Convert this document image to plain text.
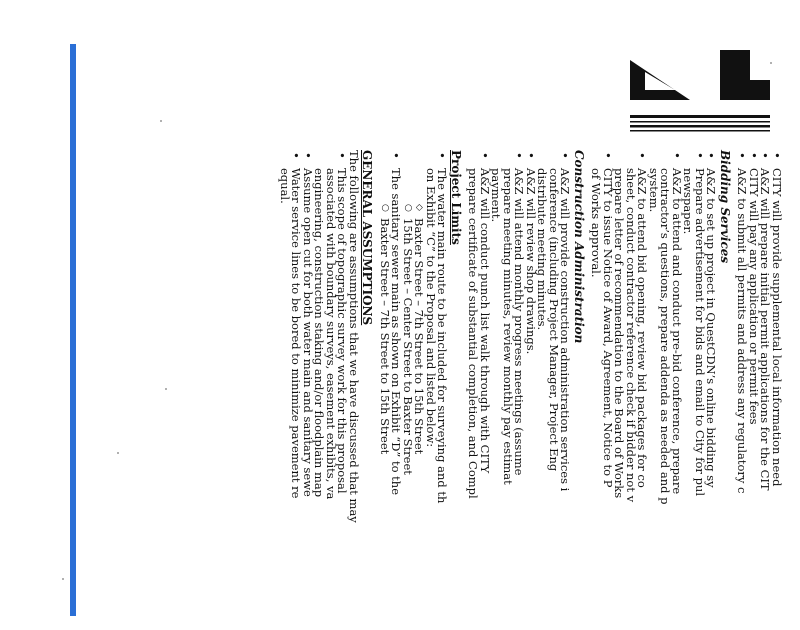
• CITY will provide supplemental local information need
• A&Z will prepare initial permit applications for the CIT
• CITY will pay any application or permit fees
• A&Z to submit all permits and address any regulatory c
Bidding Services
• A&Z to set up project in QuestCDN’s online bidding sy
• Prepare advertisement for bids and email to City for pul
newspaper.
• A&Z to attend and conduct pre-bid conference, prepare
contractor’s questions, prepare addenda as needed and p
system.
• A&Z to attend bid opening, review bid packages for co
sheet, conduct contractor reference check if bidder not v
prepare letter of recommendation to the Board of Works
• CITY to issue Notice of Award, Agreement, Notice to P
of Works approval.
Construction Administration
• A&Z will provide construction administration services i
conference (including Project Manager, Project Eng
distribute meeting minutes.
• A&Z will review shop drawings.
• A&Z will attend monthly progress meetings (assume
prepare meeting minutes, review monthly pay estimat
payment.
• A&Z will conduct punch list walk through with CITY
prepare certificate of substantial completion, and Compl
Project Limits
• The water main route to be included for surveying and th
on Exhibit “C” to the Proposal and listed below:
◇ Baxter Street – 7th Street to 15th Street
○ 15th Street – Center Street to Baxter Street
• The sanitary sewer main as shown on Exhibit “D” to the
○ Baxter Street – 7th Street to 15th Street
GENERAL ASSUMPTIONS
The following are assumptions that we have discussed that may
• This scope of topographic survey work for this proposal
associated with boundary surveys, easement exhibits, va
engineering, construction staking and/or floodplain map
• Assume open cut for both water main and sanitary sewe
• Water service lines to be bored to minimize pavement re
equal.
